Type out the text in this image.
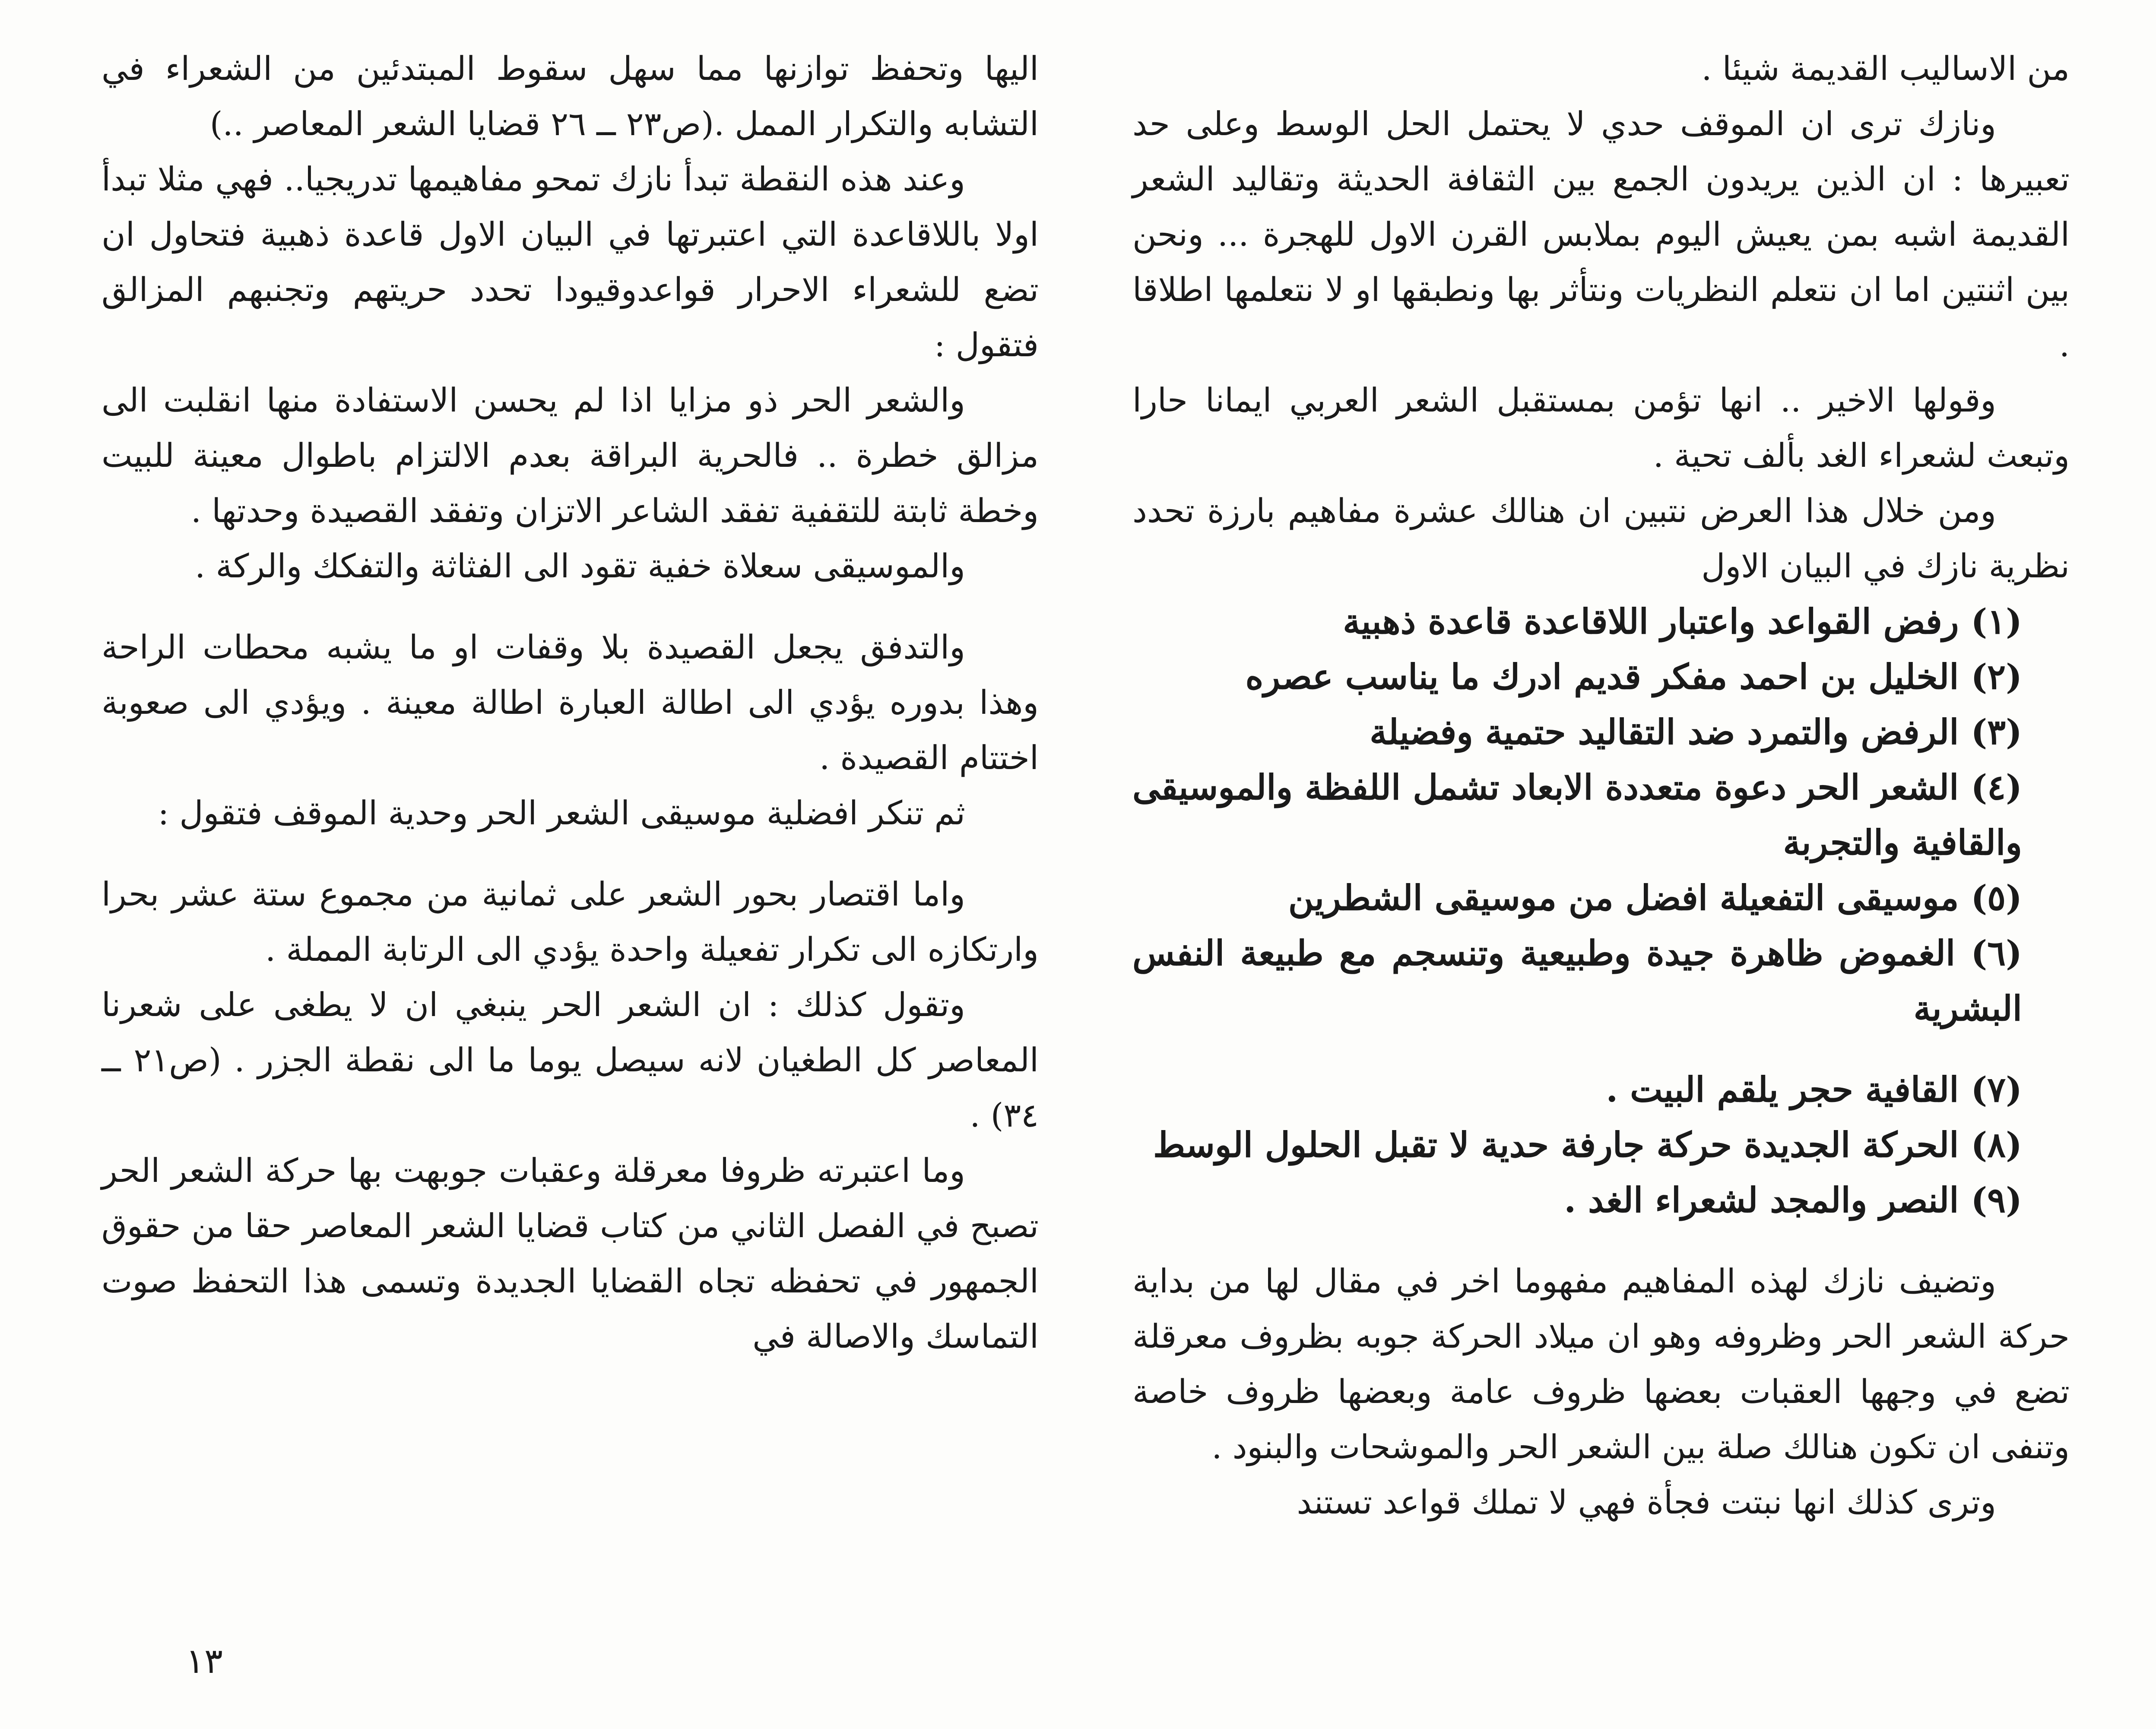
من الاساليب القديمة شيئا .

ونازك ترى ان الموقف حدي لا يحتمل الحل الوسط وعلى حد تعبيرها : ان الذين يريدون الجمع بين الثقافة الحديثة وتقاليد الشعر القديمة اشبه بمن يعيش اليوم بملابس القرن الاول للهجرة ... ونحن بين اثنتين اما ان نتعلم النظريات ونتأثر بها ونطبقها او لا نتعلمها اطلاقا .

وقولها الاخير .. انها تؤمن بمستقبل الشعر العربي ايمانا حارا وتبعث لشعراء الغد بألف تحية .

ومن خلال هذا العرض نتبين ان هنالك عشرة مفاهيم بارزة تحدد نظرية نازك في البيان الاول

(١) رفض القواعد واعتبار اللاقاعدة قاعدة ذهبية

(٢) الخليل بن احمد مفكر قديم ادرك ما يناسب عصره

(٣) الرفض والتمرد ضد التقاليد حتمية وفضيلة

(٤) الشعر الحر دعوة متعددة الابعاد تشمل اللفظة والموسيقى والقافية والتجربة

(٥) موسيقى التفعيلة افضل من موسيقى الشطرين

(٦) الغموض ظاهرة جيدة وطبيعية وتنسجم مع طبيعة النفس البشرية

(٧) القافية حجر يلقم البيت .

(٨) الحركة الجديدة حركة جارفة حدية لا تقبل الحلول الوسط

(٩) النصر والمجد لشعراء الغد .

وتضيف نازك لهذه المفاهيم مفهوما اخر في مقال لها من بداية حركة الشعر الحر وظروفه وهو ان ميلاد الحركة جوبه بظروف معرقلة تضع في وجهها العقبات بعضها ظروف عامة وبعضها ظروف خاصة وتنفى ان تكون هنالك صلة بين الشعر الحر والموشحات والبنود .

وترى كذلك انها نبتت فجأة فهي لا تملك قواعد تستند

اليها وتحفظ توازنها مما سهل سقوط المبتدئين من الشعراء في التشابه والتكرار الممل .(ص٢٣ ــ ٢٦ قضايا الشعر المعاصر ..)

وعند هذه النقطة تبدأ نازك تمحو مفاهيمها تدريجيا.. فهي مثلا تبدأ اولا باللاقاعدة التي اعتبرتها في البيان الاول قاعدة ذهبية فتحاول ان تضع للشعراء الاحرار قواعدوقيودا تحدد حريتهم وتجنبهم المزالق فتقول :

والشعر الحر ذو مزايا اذا لم يحسن الاستفادة منها انقلبت الى مزالق خطرة .. فالحرية البراقة بعدم الالتزام باطوال معينة للبيت وخطة ثابتة للتقفية تفقد الشاعر الاتزان وتفقد القصيدة وحدتها .

والموسيقى سعلاة خفية تقود الى الفثاثة والتفكك والركة .

والتدفق يجعل القصيدة بلا وقفات او ما يشبه محطات الراحة وهذا بدوره يؤدي الى اطالة العبارة اطالة معينة . ويؤدي الى صعوبة اختتام القصيدة .

ثم تنكر افضلية موسيقى الشعر الحر وحدية الموقف فتقول :

واما اقتصار بحور الشعر على ثمانية من مجموع ستة عشر بحرا وارتكازه الى تكرار تفعيلة واحدة يؤدي الى الرتابة المملة .

وتقول كذلك : ان الشعر الحر ينبغي ان لا يطغى على شعرنا المعاصر كل الطغيان لانه سيصل يوما ما الى نقطة الجزر . (ص٢١ ــ ٣٤) .

وما اعتبرته ظروفا معرقلة وعقبات جوبهت بها حركة الشعر الحر تصبح في الفصل الثاني من كتاب قضايا الشعر المعاصر حقا من حقوق الجمهور في تحفظه تجاه القضايا الجديدة وتسمى هذا التحفظ صوت التماسك والاصالة في

١٣
